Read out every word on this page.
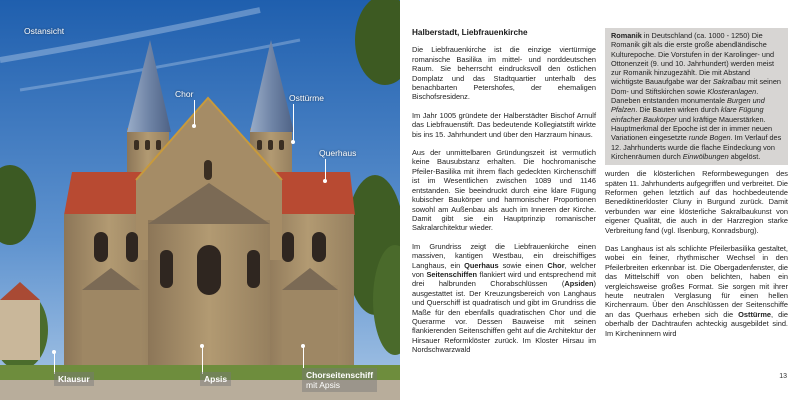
Ostansicht
Chor	Osttürme
Querhaus
Klausur	Apsis	Chorseitenschiff
mit Apsis
Halberstadt, Liebfrauenkirche

Die Liebfrauenkirche ist die einzige viertürmige romanische Basilika im mittel- und norddeutschen Raum. Sie beherrscht eindrucksvoll den östlichen Domplatz und das Stadtquartier unterhalb des benachbarten Petershofes, der ehemaligen Bischofsresidenz.

Im Jahr 1005 gründete der Halberstädter Bischof Arnulf das Liebfrauenstift. Das bedeutende Kollegiatstift wirkte bis ins 15. Jahrhundert und über den Harzraum hinaus.

Aus der unmittelbaren Gründungszeit ist vermutlich keine Bausubstanz erhalten. Die hochromanische Pfeiler-Basilika mit ihrem flach gedeckten Kirchenschiff ist im Wesentlichen zwischen 1089 und 1146 entstanden. Sie beeindruckt durch eine klare Fügung kubischer Baukörper und harmonischer Proportionen sowohl am Außenbau als auch im Inneren der Kirche. Damit gibt sie ein Hauptprinzip romanischer Sakralarchitektur wieder.

Im Grundriss zeigt die Liebfrauenkirche einen massiven, kantigen Westbau, ein dreischiffiges Langhaus, ein Querhaus sowie einen Chor, welcher von Seitenschiffen flankiert wird und entsprechend mit drei halbrunden Chorabschlüssen (Apsiden) ausgestattet ist. Der Kreuzungsbereich von Langhaus und Querschiff ist quadratisch und gibt im Grundriss die Maße für den ebenfalls quadratischen Chor und die Querarme vor. Dessen Bauweise mit seinen flankierenden Seitenschiffen geht auf die Architektur der Hirsauer Reformklöster zurück. Im Kloster Hirsau im Nordschwarzwald

Romanik in Deutschland (ca. 1000 - 1250) Die Romanik gilt als die erste große abendländische Kulturepoche. Die Vorstufen in der Karolinger- und Ottonenzeit (9. und 10. Jahrhundert) werden meist zur Romanik hinzugezählt. Die mit Abstand wichtigste Bauaufgabe war der Sakralbau mit seinen Dom- und Stiftskirchen sowie Klosteranlagen. Daneben entstanden monumentale Burgen und Pfalzen. Die Bauten wirken durch klare Fügung einfacher Baukörper und kräftige Mauerstärken. Hauptmerkmal der Epoche ist der in immer neuen Variationen eingesetzte runde Bogen. Im Verlauf des 12. Jahrhunderts wurde die flache Eindeckung von Kirchenräumen durch Einwölbungen abgelöst.

wurden die klösterlichen Reformbewegungen des späten 11. Jahrhunderts aufgegriffen und verbreitet. Die Reformen gehen letztlich auf das hochbedeutende Benediktinerkloster Cluny in Burgund zurück. Damit verbunden war eine klösterliche Sakralbaukunst von eigener Qualität, die auch in der Harzregion starke Verbreitung fand (vgl. Ilsenburg, Konradsburg).

Das Langhaus ist als schlichte Pfeilerbasilika gestaltet, wobei ein feiner, rhythmischer Wechsel in den Pfeilerbreiten erkennbar ist. Die Obergadenfenster, die das Mittelschiff von oben belichten, haben ein vergleichsweise großes Format. Sie sorgen mit ihrer heute neutralen Verglasung für einen hellen Kirchenraum. Über den Anschlüssen der Seitenschiffe an das Querhaus erheben sich die Osttürme, die oberhalb der Dachtraufen achteckig ausgebildet sind. Im Kircheninnern wird

13
